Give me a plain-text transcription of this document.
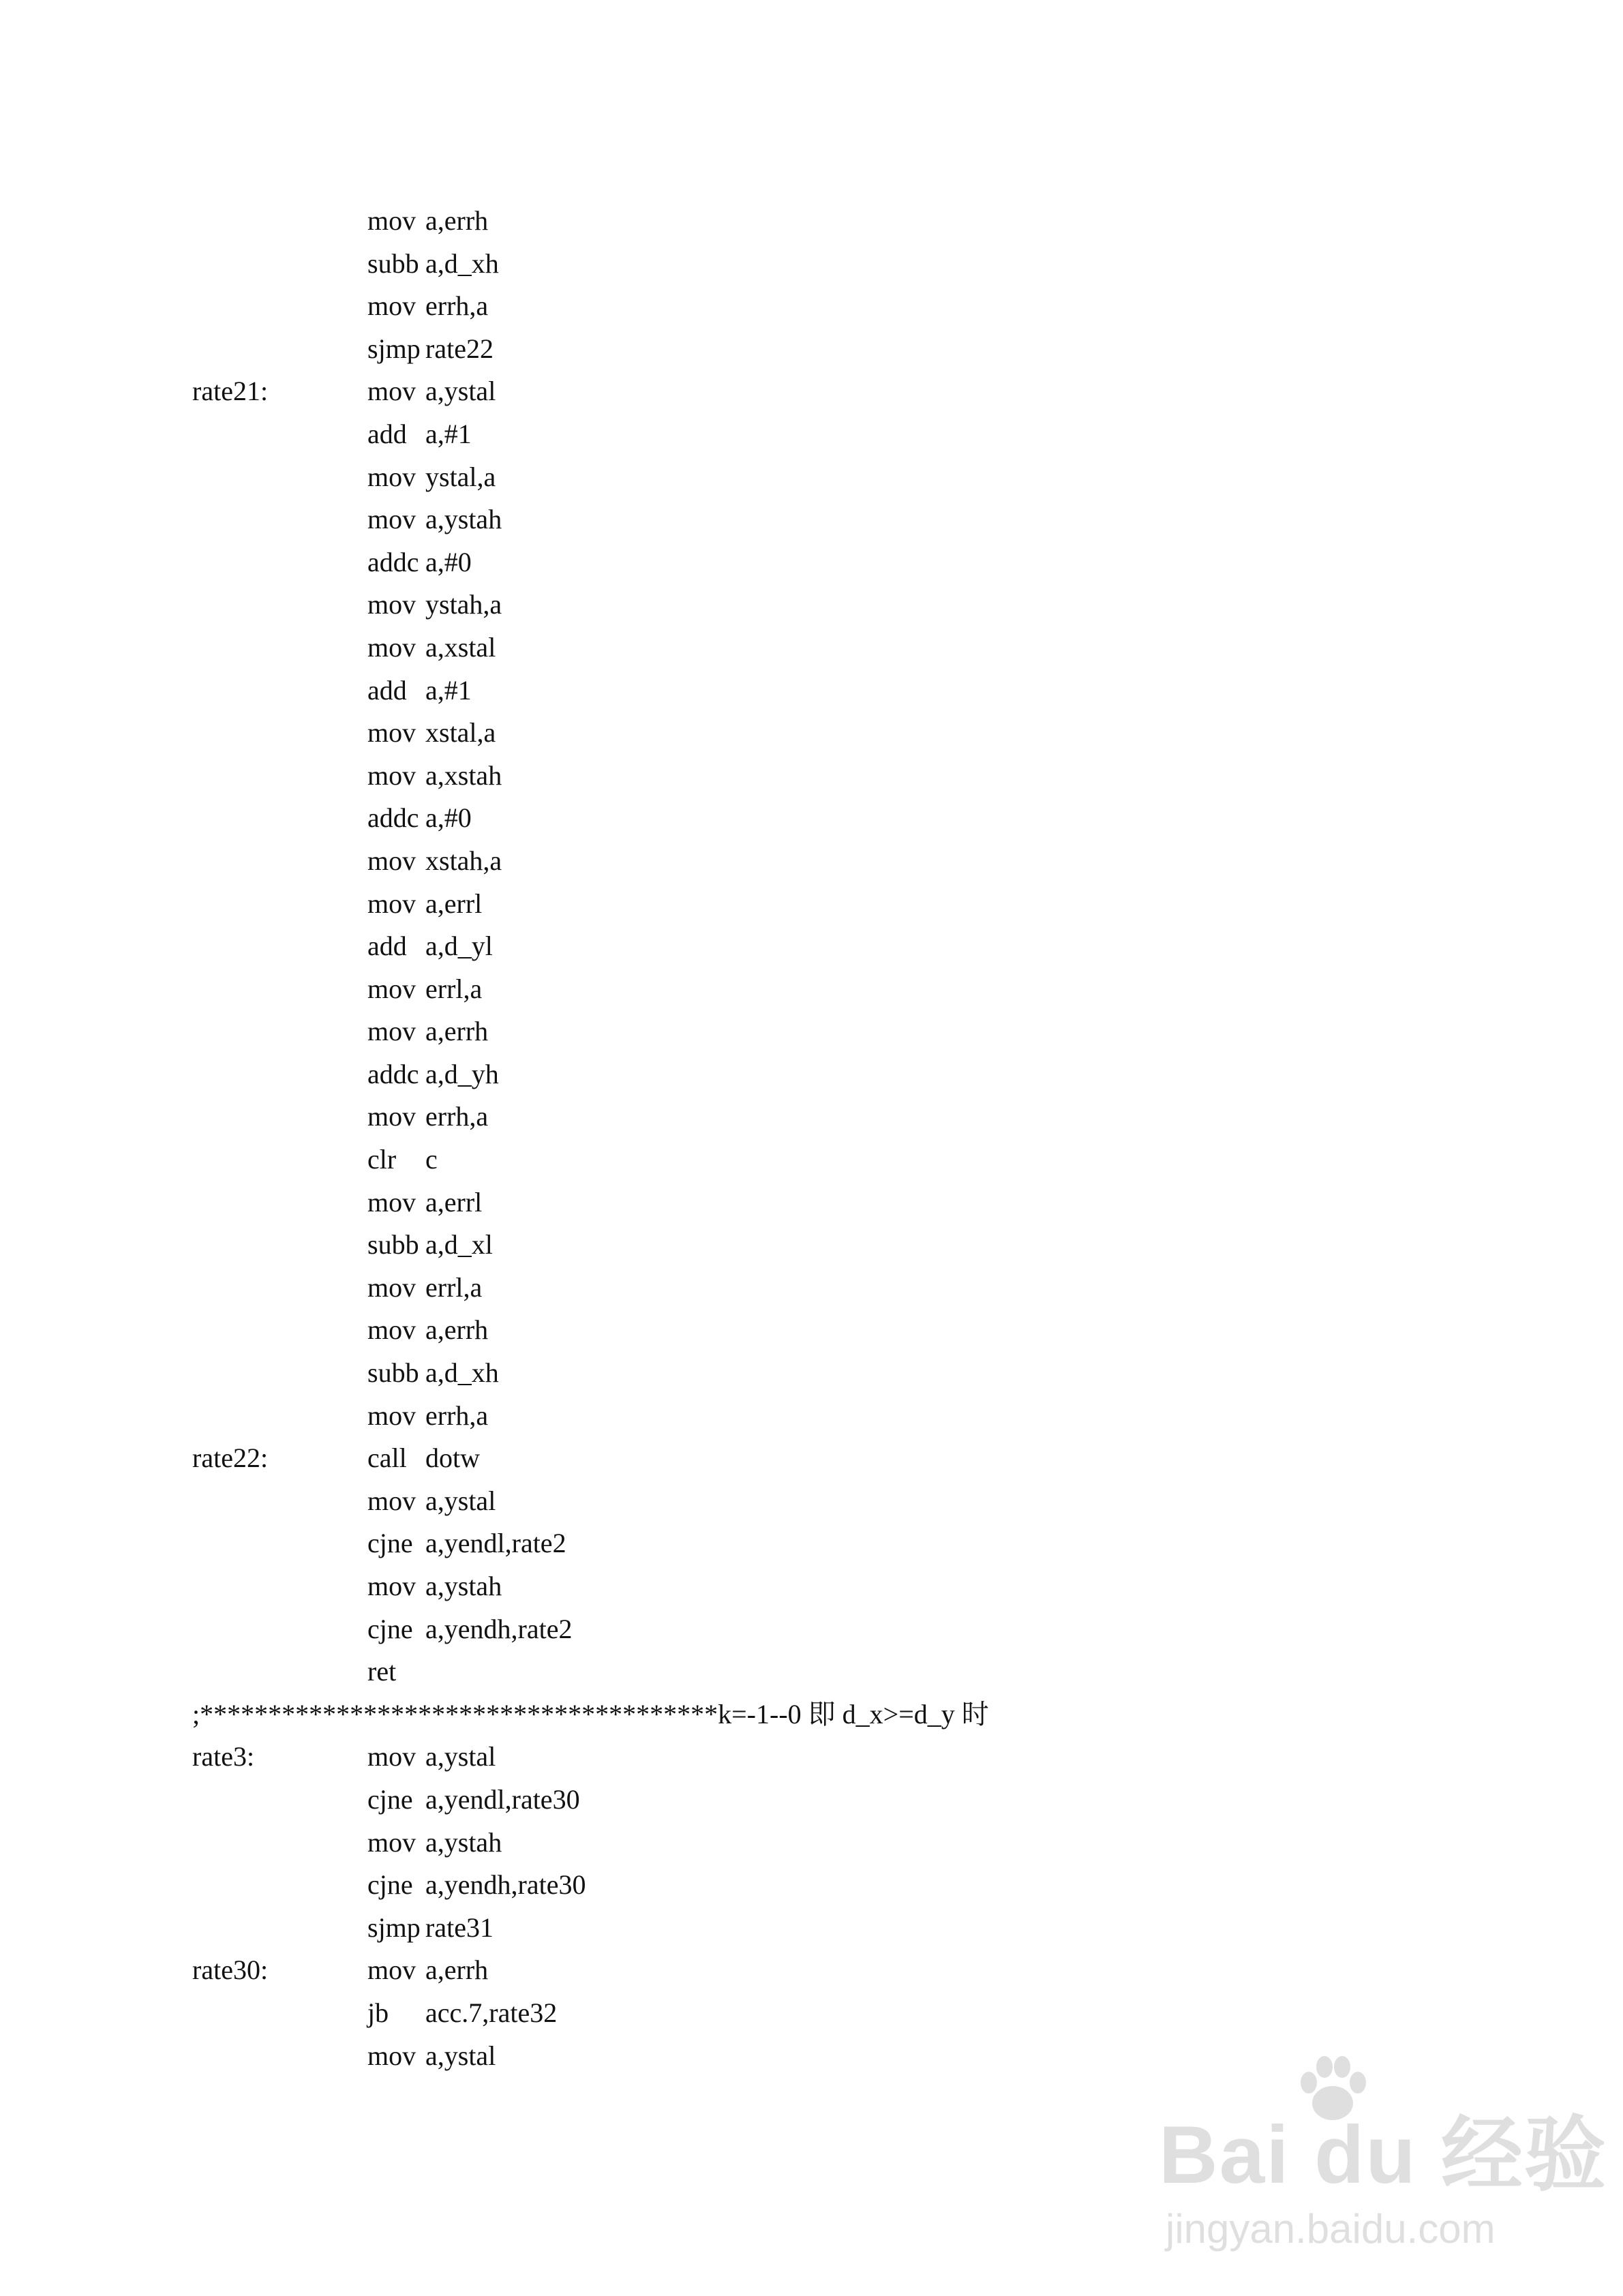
mov a,errh
subb a,d_xh
mov errh,a
sjmp rate22
rate21:	mov a,ystal
add a,#1
mov ystal,a
mov a,ystah
addc a,#0
mov ystah,a
mov a,xstal
add a,#1
mov xstal,a
mov a,xstah
addc a,#0
mov xstah,a
mov a,errl
add a,d_yl
mov errl,a
mov a,errh
addc a,d_yh
mov errh,a
clr c
mov a,errl
subb a,d_xl
mov errl,a
mov a,errh
subb a,d_xh
mov errh,a
rate22:	call dotw
mov a,ystal
cjne a,yendl,rate2
mov a,ystah
cjne a,yendh,rate2
ret
;**************************************k=-1--0 即 d_x>=d_y 时
rate3:	mov a,ystal
cjne a,yendl,rate30
mov a,ystah
cjne a,yendh,rate30
sjmp rate31
rate30:	mov a,errh
jb acc.7,rate32
mov a,ystal
Bai du 经验
jingyan.baidu.com
